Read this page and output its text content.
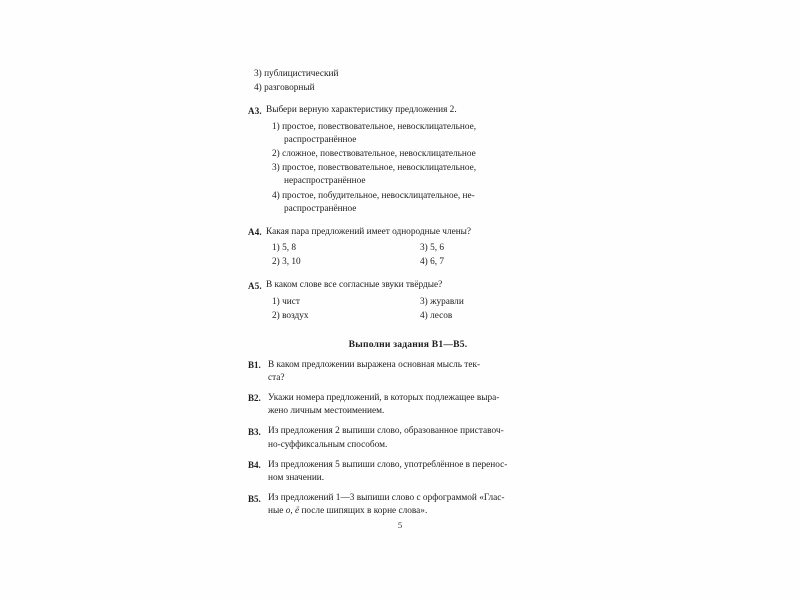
3) публицистический
4) разговорный
А3. Выбери верную характеристику предложения 2.
1) простое, повествовательное, невосклицательное,
распространённое
2) сложное, повествовательное, невосклицательное
3) простое, повествовательное, невосклицательное,
нераспространённое
4) простое, побудительное, невосклицательное, не-
распространённое
А4. Какая пара предложений имеет однородные члены?
1) 5, 8	3) 5, 6
2) 3, 10	4) 6, 7
А5. В каком слове все согласные звуки твёрдые?
1) чист	3) журавли
2) воздух	4) лесов
Выполни задания В1—В5.
В1. В каком предложении выражена основная мысль тек-
ста?
В2. Укажи номера предложений, в которых подлежащее выра-
жено личным местоимением.
В3. Из предложения 2 выпиши слово, образованное приставоч-
но-суффиксальным способом.
В4. Из предложения 5 выпиши слово, употреблённое в перенос-
ном значении.
В5. Из предложений 1—3 выпиши слово с орфограммой «Глас-
ные о, ё после шипящих в корне слова».
5
